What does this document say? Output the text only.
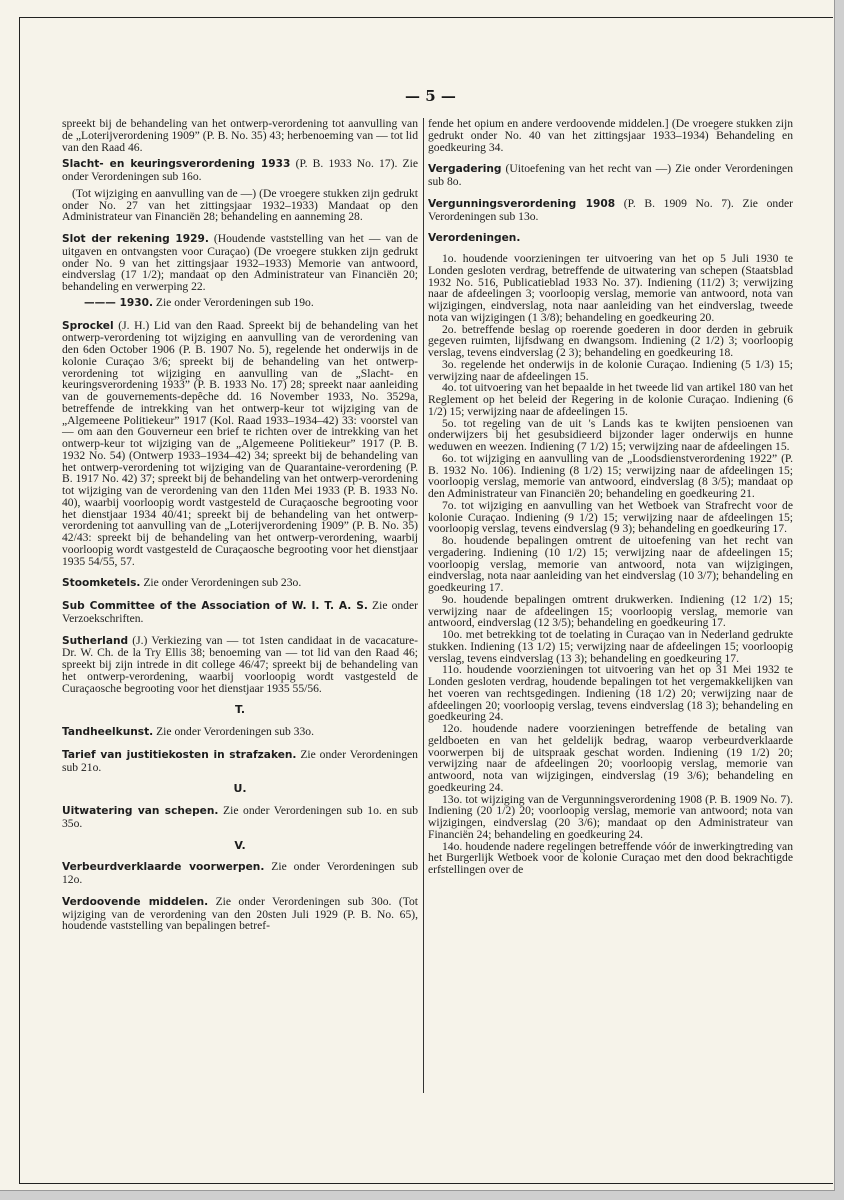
— 5 —

spreekt bij de behandeling van het ontwerp-verordening tot aanvulling van de „Loterijverordening 1909” (P. B. No. 35) 43; herbenoeming van — tot lid van den Raad 46.

Slacht- en keuringsverordening 1933 (P. B. 1933 No. 17). Zie onder Verordeningen sub 16o.

(Tot wijziging en aanvulling van de —) (De vroegere stukken zijn gedrukt onder No. 27 van het zittingsjaar 1932–1933) Mandaat op den Administrateur van Financiën 28; behandeling en aanneming 28.

Slot der rekening 1929. (Houdende vaststelling van het — van de uitgaven en ontvangsten voor Curaçao) (De vroegere stukken zijn gedrukt onder No. 9 van het zittingsjaar 1932–1933) Memorie van antwoord, eindverslag (17 1/2); mandaat op den Administrateur van Financiën 20; behandeling en verwerping 22.

——— 1930. Zie onder Verordeningen sub 19o.

Sprockel (J. H.) Lid van den Raad. Spreekt bij de behandeling van het ontwerp-verordening tot wijziging en aanvulling van de verordening van den 6den October 1906 (P. B. 1907 No. 5), regelende het onderwijs in de kolonie Curaçao 3/6; spreekt bij de behandeling van het ontwerp-verordening tot wijziging en aanvulling van de „Slacht- en keuringsverordening 1933” (P. B. 1933 No. 17) 28; spreekt naar aanleiding van de gouvernements-depêche dd. 16 November 1933, No. 3529a, betreffende de intrekking van het ontwerp-keur tot wijziging van de „Algemeene Politiekeur” 1917 (Kol. Raad 1933–1934–42) 33: voorstel van — om aan den Gouverneur een brief te richten over de intrekking van het ontwerp-keur tot wijziging van de „Algemeene Politiekeur” 1917 (P. B. 1932 No. 54) (Ontwerp 1933–1934–42) 34; spreekt bij de behandeling van het ontwerp-verordening tot wijziging van de Quarantaine-verordening (P. B. 1917 No. 42) 37; spreekt bij de behandeling van het ontwerp-verordening tot wijziging van de verordening van den 11den Mei 1933 (P. B. 1933 No. 40), waarbij voorloopig wordt vastgesteld de Curaçaosche begrooting voor het dienstjaar 1934 40/41; spreekt bij de behandeling van het ontwerp-verordening tot aanvulling van de „Loterijverordening 1909” (P. B. No. 35) 42/43: spreekt bij de behandeling van het ontwerp-verordening, waarbij voorloopig wordt vastgesteld de Curaçaosche begrooting voor het dienstjaar 1935 54/55, 57.

Stoomketels. Zie onder Verordeningen sub 23o.

Sub Committee of the Association of W. I. T. A. S. Zie onder Verzoekschriften.

Sutherland (J.) Verkiezing van — tot 1sten candidaat in de vacacature-Dr. W. Ch. de la Try Ellis 38; benoeming van — tot lid van den Raad 46; spreekt bij zijn intrede in dit college 46/47; spreekt bij de behandeling van het ontwerp-verordening, waarbij voorloopig wordt vastgesteld de Curaçaosche begrooting voor het dienstjaar 1935 55/56.

T.

Tandheelkunst. Zie onder Verordeningen sub 33o.

Tarief van justitiekosten in strafzaken. Zie onder Verordeningen sub 21o.

U.

Uitwatering van schepen. Zie onder Verordeningen sub 1o. en sub 35o.

V.

Verbeurdverklaarde voorwerpen. Zie onder Verordeningen sub 12o.

Verdoovende middelen. Zie onder Verordeningen sub 30o. (Tot wijziging van de verordening van den 20sten Juli 1929 (P. B. No. 65), houdende vaststelling van bepalingen betref-

fende het opium en andere verdoovende middelen.] (De vroegere stukken zijn gedrukt onder No. 40 van het zittingsjaar 1933–1934) Behandeling en goedkeuring 34.

Vergadering (Uitoefening van het recht van —) Zie onder Verordeningen sub 8o.

Vergunningsverordening 1908 (P. B. 1909 No. 7). Zie onder Verordeningen sub 13o.

Verordeningen.

1o. houdende voorzieningen ter uitvoering van het op 5 Juli 1930 te Londen gesloten verdrag, betreffende de uitwatering van schepen (Staatsblad 1932 No. 516, Publicatieblad 1933 No. 37). Indiening (11/2) 3; verwijzing naar de afdeelingen 3; voorloopig verslag, memorie van antwoord, nota van wijzigingen, eindverslag, nota naar aanleiding van het eindverslag, tweede nota van wijzigingen (1 3/8); behandeling en goedkeuring 20.

2o. betreffende beslag op roerende goederen in door derden in gebruik gegeven ruimten, lijfsdwang en dwangsom. Indiening (2 1/2) 3; voorloopig verslag, tevens eindverslag (2 3); behandeling en goedkeuring 18.

3o. regelende het onderwijs in de kolonie Curaçao. Indiening (5 1/3) 15; verwijzing naar de afdeelingen 15.

4o. tot uitvoering van het bepaalde in het tweede lid van artikel 180 van het Reglement op het beleid der Regering in de kolonie Curaçao. Indiening (6 1/2) 15; verwijzing naar de afdeelingen 15.

5o. tot regeling van de uit 's Lands kas te kwijten pensioenen van onderwijzers bij het gesubsidieerd bijzonder lager onderwijs en hunne weduwen en weezen. Indiening (7 1/2) 15; verwijzing naar de afdeelingen 15.

6o. tot wijziging en aanvulling van de „Loodsdienstverordening 1922” (P. B. 1932 No. 106). Indiening (8 1/2) 15; verwijzing naar de afdeelingen 15; voorloopig verslag, memorie van antwoord, eindverslag (8 3/5); mandaat op den Administrateur van Financiën 20; behandeling en goedkeuring 21.

7o. tot wijziging en aanvulling van het Wetboek van Strafrecht voor de kolonie Curaçao. Indiening (9 1/2) 15; verwijzing naar de afdeelingen 15; voorloopig verslag, tevens eindverslag (9 3); behandeling en goedkeuring 17.

8o. houdende bepalingen omtrent de uitoefening van het recht van vergadering. Indiening (10 1/2) 15; verwijzing naar de afdeelingen 15; voorloopig verslag, memorie van antwoord, nota van wijzigingen, eindverslag, nota naar aanleiding van het eindverslag (10 3/7); behandeling en goedkeuring 17.

9o. houdende bepalingen omtrent drukwerken. Indiening (12 1/2) 15; verwijzing naar de afdeelingen 15; voorloopig verslag, memorie van antwoord, eindverslag (12 3/5); behandeling en goedkeuring 17.

10o. met betrekking tot de toelating in Curaçao van in Nederland gedrukte stukken. Indiening (13 1/2) 15; verwijzing naar de afdeelingen 15; voorloopig verslag, tevens eindverslag (13 3); behandeling en goedkeuring 17.

11o. houdende voorzieningen tot uitvoering van het op 31 Mei 1932 te Londen gesloten verdrag, houdende bepalingen tot het vergemakkelijken van het voeren van rechtsgedingen. Indiening (18 1/2) 20; verwijzing naar de afdeelingen 20; voorloopig verslag, tevens eindverslag (18 3); behandeling en goedkeuring 24.

12o. houdende nadere voorzieningen betreffende de betaling van geldboeten en van het geldelijk bedrag, waarop verbeurdverklaarde voorwerpen bij de uitspraak geschat worden. Indiening (19 1/2) 20; verwijzing naar de afdeelingen 20; voorloopig verslag, memorie van antwoord, nota van wijzigingen, eindverslag (19 3/6); behandeling en goedkeuring 24.

13o. tot wijziging van de Vergunningsverordening 1908 (P. B. 1909 No. 7). Indiening (20 1/2) 20; voorloopig verslag, memorie van antwoord; nota van wijzigingen, eindverslag (20 3/6); mandaat op den Administrateur van Financiën 24; behandeling en goedkeuring 24.

14o. houdende nadere regelingen betreffende vóór de inwerkingtreding van het Burgerlijk Wetboek voor de kolonie Curaçao met den dood bekrachtigde erfstellingen over de
